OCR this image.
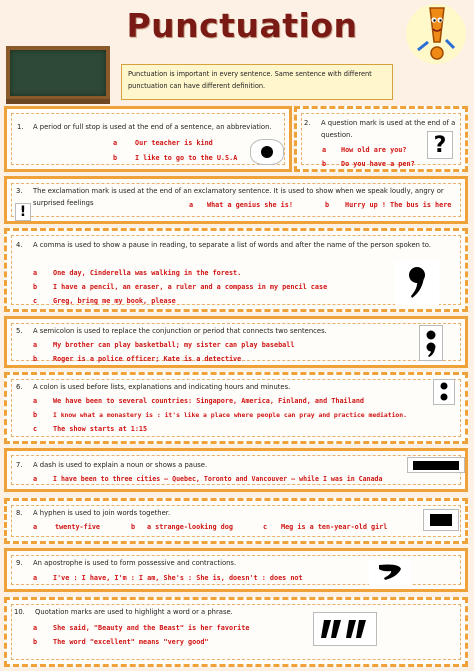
Punctuation
Punctuation is important in every sentence. Same sentence with different punctuation can have different definition.
1. A period or full stop is used at the end of a sentence, an abbreviation.
a	Our teacher is kind
b	I like to go to the U.S.A
2. A question mark is used at the end of a question.
a How old are you?
b Do you have a pen?
?
3. The exclamation mark is used at the end of an exclamatory sentence. It is used to show when we speak loudly, angry or surprised feelings	a What a genius she is!	b Hurry up ! The bus is here
!
4. A comma is used to show a pause in reading, to separate a list of words and after the name of the person spoken to.
a One day, Cinderella was walking in the forest.
b I have a pencil, an eraser, a ruler and a compass in my pencil case
c Greg, bring me my book, please
5. A semicolon is used to replace the conjunction or period that connects two sentences.
a My brother can play basketball; my sister can play baseball
b Roger is a police officer; Kate is a detective
6. A colon is used before lists, explanations and indicating hours and minutes.
a We have been to several countries: Singapore, America, Finland, and Thailand
b I know what a monastery is : it's like a place where people can pray and practice mediation.
c The show starts at 1:15
7. A dash is used to explain a noun or shows a pause.
a I have been to three cities – Quebec, Toronto and Vancouver – while I was in Canada
8. A hyphen is used to join words together.
a	twenty-five	b a strange-looking dog	c Meg is a ten-year-old girl
9. An apostrophe is used to form possessive and contractions.
a I've : I have, I'm : I am, She's : She is, doesn't : does not
10. Quotation marks are used to highlight a word or a phrase.
a She said, "Beauty and the Beast" is her favorite
b The word "excellent" means "very good"
